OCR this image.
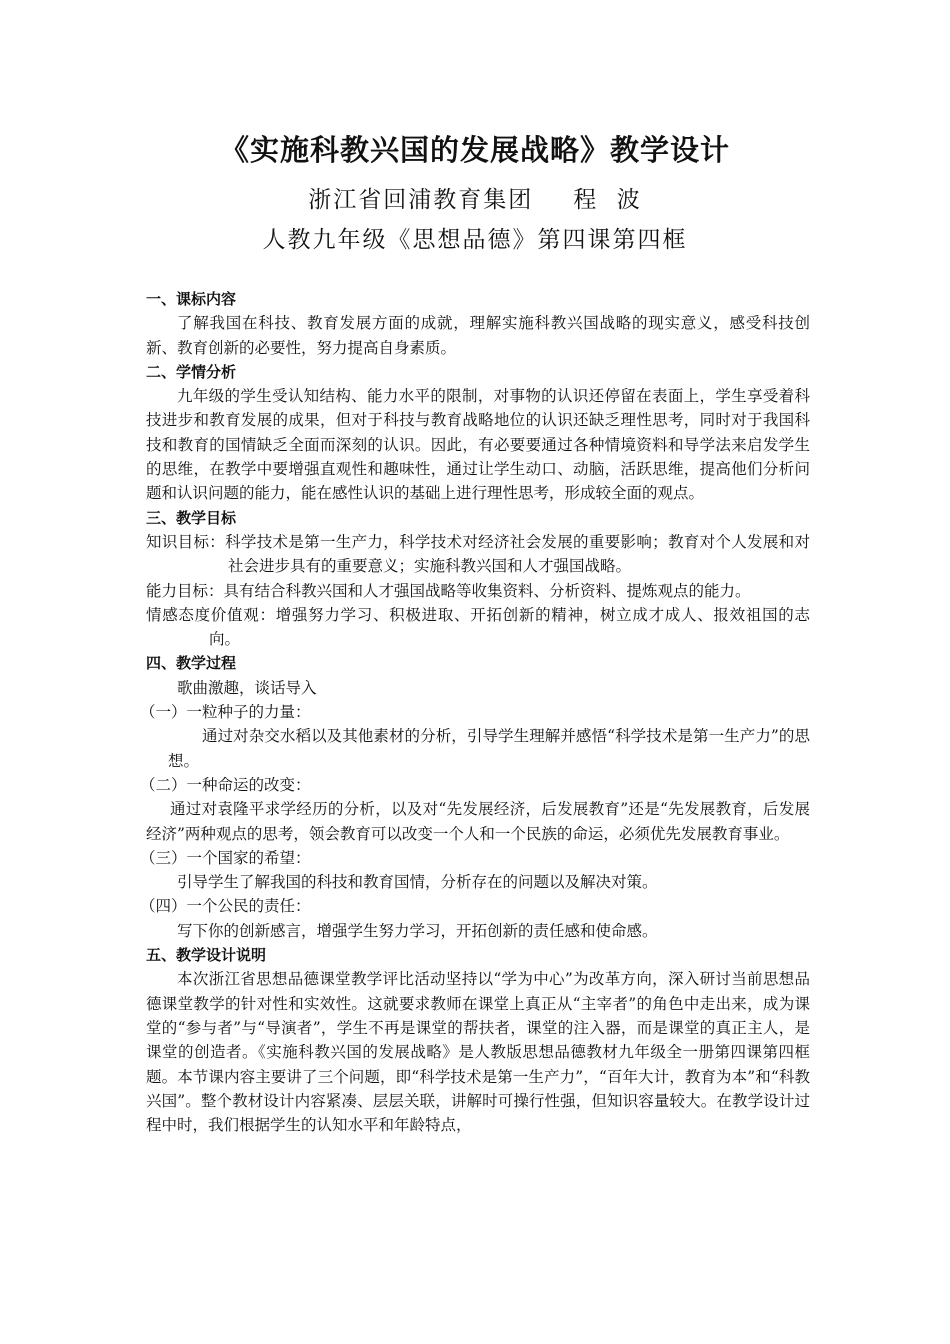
《实施科教兴国的发展战略》教学设计
浙江省回浦教育集团 程  波
人教九年级《思想品德》第四课第四框

一、课标内容

了解我国在科技、教育发展方面的成就，理解实施科教兴国战略的现实意义，感受科技创新、教育创新的必要性，努力提高自身素质。

二、学情分析

九年级的学生受认知结构、能力水平的限制，对事物的认识还停留在表面上，学生享受着科技进步和教育发展的成果，但对于科技与教育战略地位的认识还缺乏理性思考，同时对于我国科技和教育的国情缺乏全面而深刻的认识。因此，有必要要通过各种情境资料和导学法来启发学生的思维，在教学中要增强直观性和趣味性，通过让学生动口、动脑，活跃思维，提高他们分析问题和认识问题的能力，能在感性认识的基础上进行理性思考，形成较全面的观点。

三、教学目标

知识目标：科学技术是第一生产力，科学技术对经济社会发展的重要影响；教育对个人发展和对社会进步具有的重要意义；实施科教兴国和人才强国战略。

能力目标：具有结合科教兴国和人才强国战略等收集资料、分析资料、提炼观点的能力。

情感态度价值观：增强努力学习、积极进取、开拓创新的精神，树立成才成人、报效祖国的志向。

四、教学过程

歌曲激趣，谈话导入

（一）一粒种子的力量：

通过对杂交水稻以及其他素材的分析，引导学生理解并感悟“科学技术是第一生产力”的思想。

（二）一种命运的改变：

通过对袁隆平求学经历的分析，以及对“先发展经济，后发展教育”还是“先发展教育，后发展经济”两种观点的思考，领会教育可以改变一个人和一个民族的命运，必须优先发展教育事业。

（三）一个国家的希望：

引导学生了解我国的科技和教育国情，分析存在的问题以及解决对策。

（四）一个公民的责任：

写下你的创新感言，增强学生努力学习，开拓创新的责任感和使命感。

五、教学设计说明

本次浙江省思想品德课堂教学评比活动坚持以“学为中心”为改革方向，深入研讨当前思想品德课堂教学的针对性和实效性。这就要求教师在课堂上真正从“主宰者”的角色中走出来，成为课堂的“参与者”与“导演者”，学生不再是课堂的帮扶者，课堂的注入器，而是课堂的真正主人，是课堂的创造者。《实施科教兴国的发展战略》是人教版思想品德教材九年级全一册第四课第四框题。本节课内容主要讲了三个问题，即“科学技术是第一生产力”，“百年大计，教育为本”和“科教兴国”。整个教材设计内容紧凑、层层关联，讲解时可操行性强，但知识容量较大。在教学设计过程中时，我们根据学生的认知水平和年龄特点，
